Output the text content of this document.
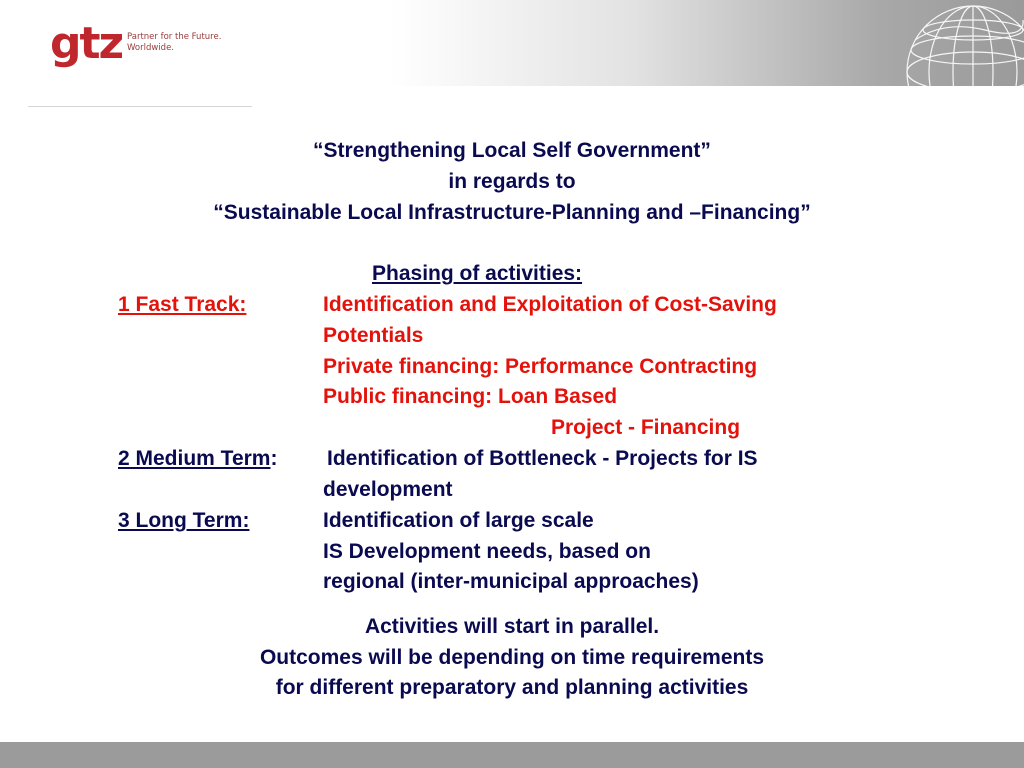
gtz Partner for the Future.
Worldwide.
“Strengthening Local Self Government”
in regards to
“Sustainable Local Infrastructure-Planning and –Financing”
Phasing of activities:
1 Fast Track:	Identification and Exploitation of Cost-Saving
Potentials
Private financing: Performance Contracting
Public financing: Loan Based
Project - Financing
2 Medium Term: Identification of Bottleneck - Projects for IS
development
3 Long Term:	Identification of large scale
IS Development needs, based on
regional (inter-municipal approaches)
Activities will start in parallel.
Outcomes will be depending on time requirements
for different preparatory and planning activities
